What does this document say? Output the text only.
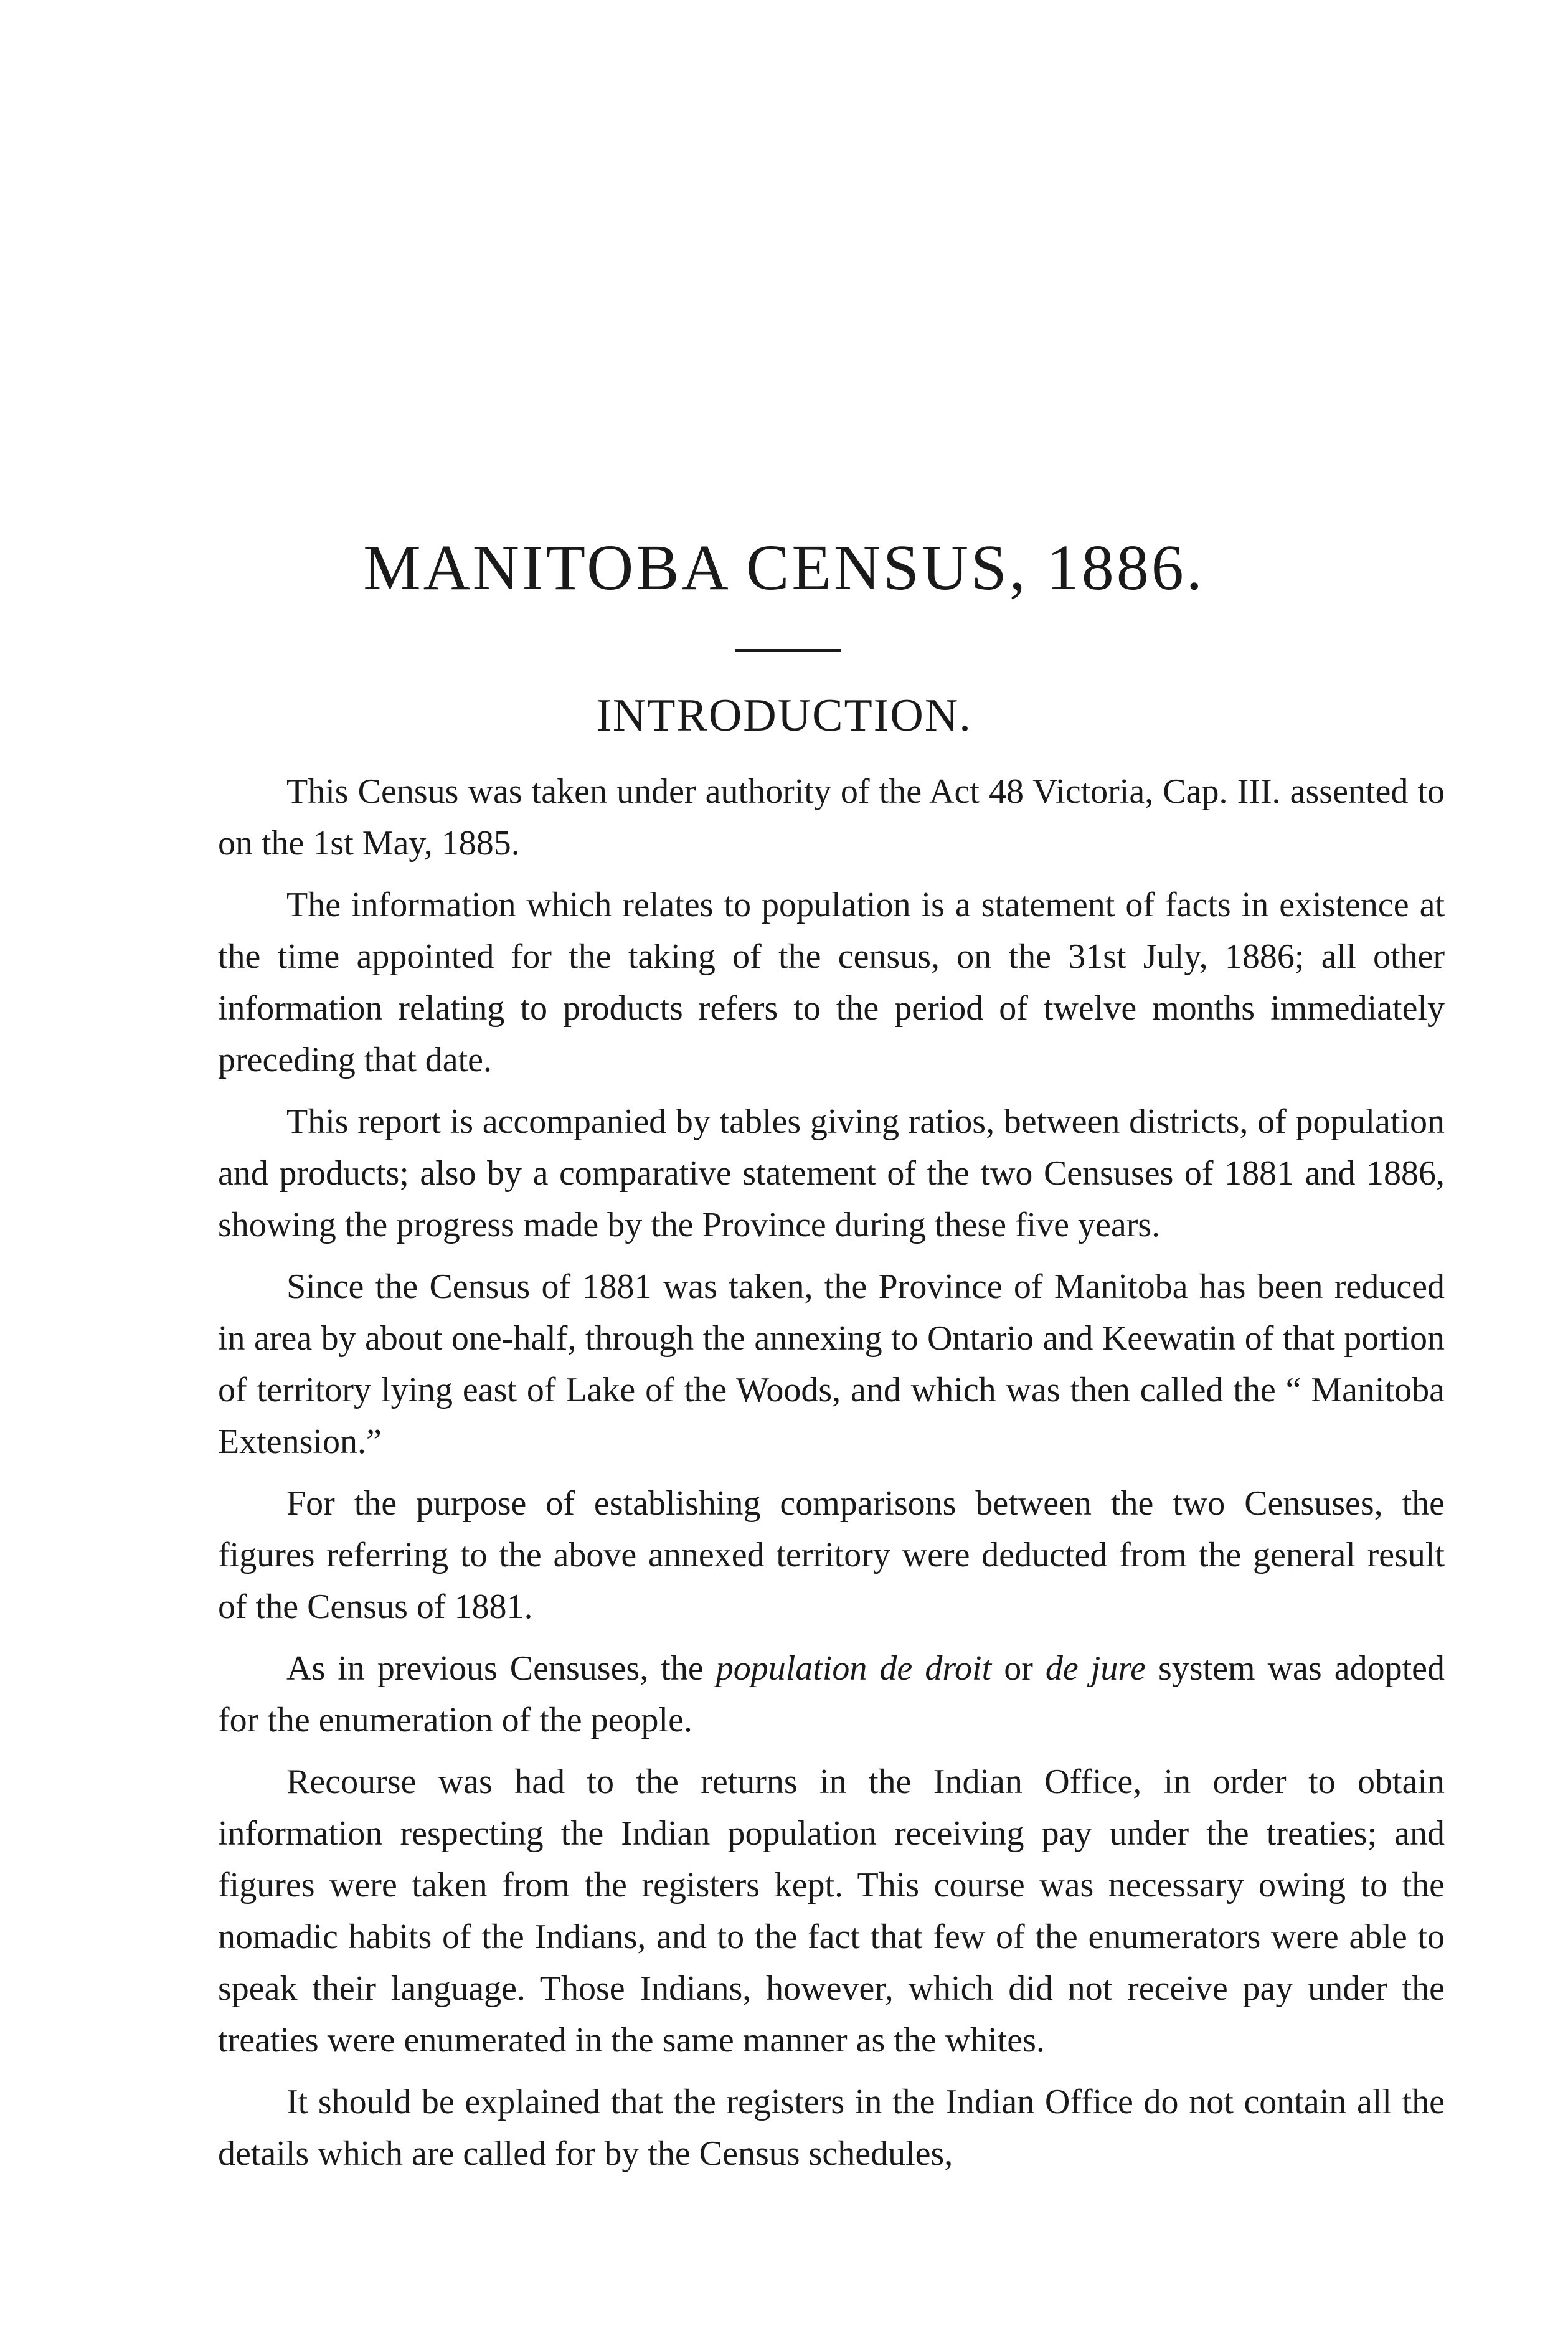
MANITOBA CENSUS, 1886.
INTRODUCTION.

This Census was taken under authority of the Act 48 Victoria, Cap. III. assented to on the 1st May, 1885.

The information which relates to population is a statement of facts in existence at the time appointed for the taking of the census, on the 31st July, 1886; all other information relating to products refers to the period of twelve months immediately preceding that date.

This report is accompanied by tables giving ratios, between districts, of population and products; also by a comparative statement of the two Censuses of 1881 and 1886, showing the progress made by the Province during these five years.

Since the Census of 1881 was taken, the Province of Manitoba has been reduced in area by about one-half, through the annexing to Ontario and Keewatin of that portion of territory lying east of Lake of the Woods, and which was then called the “ Manitoba Extension.”

For the purpose of establishing comparisons between the two Censuses, the figures referring to the above annexed territory were deducted from the general result of the Census of 1881.

As in previous Censuses, the population de droit or de jure system was adopted for the enumeration of the people.

Recourse was had to the returns in the Indian Office, in order to obtain information respecting the Indian population receiving pay under the treaties; and figures were taken from the registers kept. This course was necessary owing to the nomadic habits of the Indians, and to the fact that few of the enumerators were able to speak their language. Those Indians, however, which did not receive pay under the treaties were enumerated in the same manner as the whites.

It should be explained that the registers in the Indian Office do not contain all the details which are called for by the Census schedules,
